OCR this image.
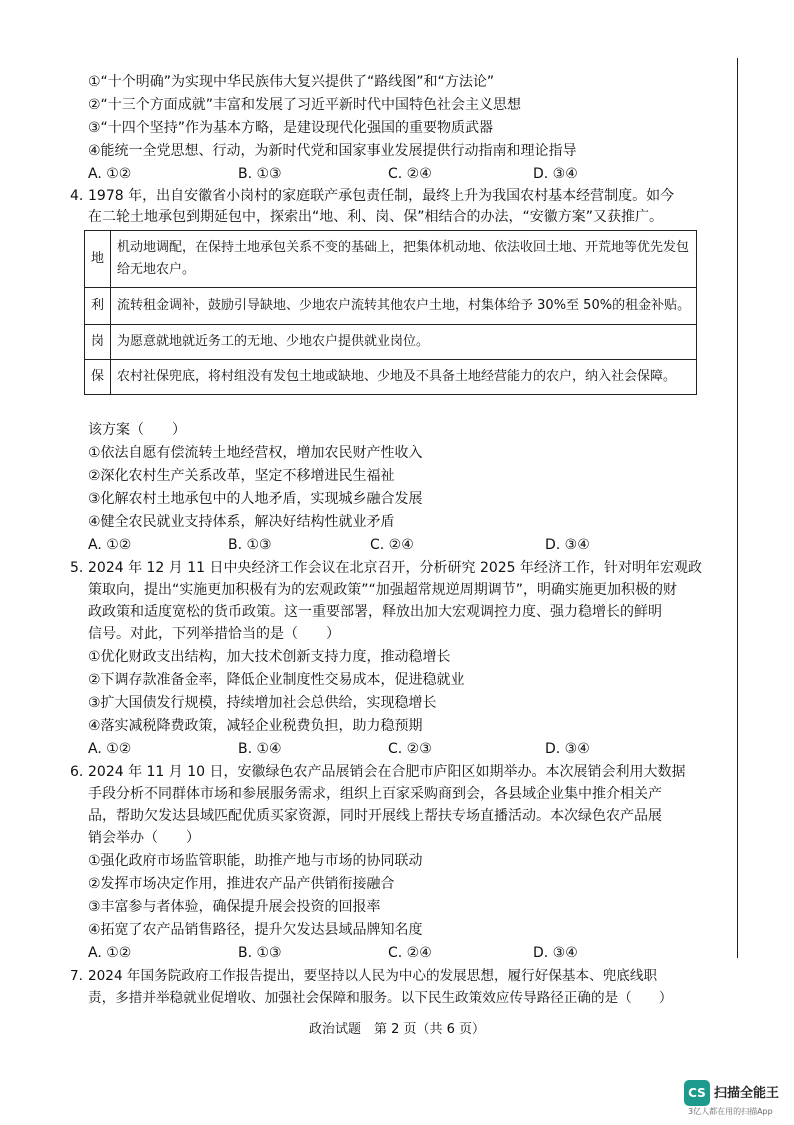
①“十个明确”为实现中华民族伟大复兴提供了“路线图”和“方法论”
②“十三个方面成就”丰富和发展了习近平新时代中国特色社会主义思想
③“十四个坚持”作为基本方略，是建设现代化强国的重要物质武器
④能统一全党思想、行动，为新时代党和国家事业发展提供行动指南和理论指导
A. ①②	B. ①③	C. ②④	D. ③④
4. 1978 年，出自安徽省小岗村的家庭联产承包责任制，最终上升为我国农村基本经营制度。如今
在二轮土地承包到期延包中，探索出“地、利、岗、保”相结合的办法，“安徽方案”又获推广。
地	机动地调配，在保持土地承包关系不变的基础上，把集体机动地、依法收回土地、开荒地等优先发包给无地农户。
利	流转租金调补，鼓励引导缺地、少地农户流转其他农户土地，村集体给予 30%至 50%的租金补贴。
岗	为愿意就地就近务工的无地、少地农户提供就业岗位。
保	农村社保兜底，将村组没有发包土地或缺地、少地及不具备土地经营能力的农户，纳入社会保障。
该方案（　　）
①依法自愿有偿流转土地经营权，增加农民财产性收入
②深化农村生产关系改革，坚定不移增进民生福祉
③化解农村土地承包中的人地矛盾，实现城乡融合发展
④健全农民就业支持体系，解决好结构性就业矛盾
A. ①②	B. ①③	C. ②④	D. ③④
5. 2024 年 12 月 11 日中央经济工作会议在北京召开，分析研究 2025 年经济工作，针对明年宏观政
策取向，提出“实施更加积极有为的宏观政策”“加强超常规逆周期调节”，明确实施更加积极的财
政政策和适度宽松的货币政策。这一重要部署，释放出加大宏观调控力度、强力稳增长的鲜明
信号。对此，下列举措恰当的是（　　）
①优化财政支出结构，加大技术创新支持力度，推动稳增长
②下调存款准备金率，降低企业制度性交易成本，促进稳就业
③扩大国债发行规模，持续增加社会总供给，实现稳增长
④落实减税降费政策，减轻企业税费负担，助力稳预期
A. ①②	B. ①④	C. ②③	D. ③④
6. 2024 年 11 月 10 日，安徽绿色农产品展销会在合肥市庐阳区如期举办。本次展销会利用大数据
手段分析不同群体市场和参展服务需求，组织上百家采购商到会，各县域企业集中推介相关产
品，帮助欠发达县域匹配优质买家资源，同时开展线上帮扶专场直播活动。本次绿色农产品展
销会举办（　　）
①强化政府市场监管职能，助推产地与市场的协同联动
②发挥市场决定作用，推进农产品产供销衔接融合
③丰富参与者体验，确保提升展会投资的回报率
④拓宽了农产品销售路径，提升欠发达县域品牌知名度
A. ①②	B. ①③	C. ②④	D. ③④
7. 2024 年国务院政府工作报告提出，要坚持以人民为中心的发展思想，履行好保基本、兜底线职
责，多措并举稳就业促增收、加强社会保障和服务。以下民生政策效应传导路径正确的是（　　）
政治试题　第 2 页（共 6 页）
CS 扫描全能王
3亿人都在用的扫描App
